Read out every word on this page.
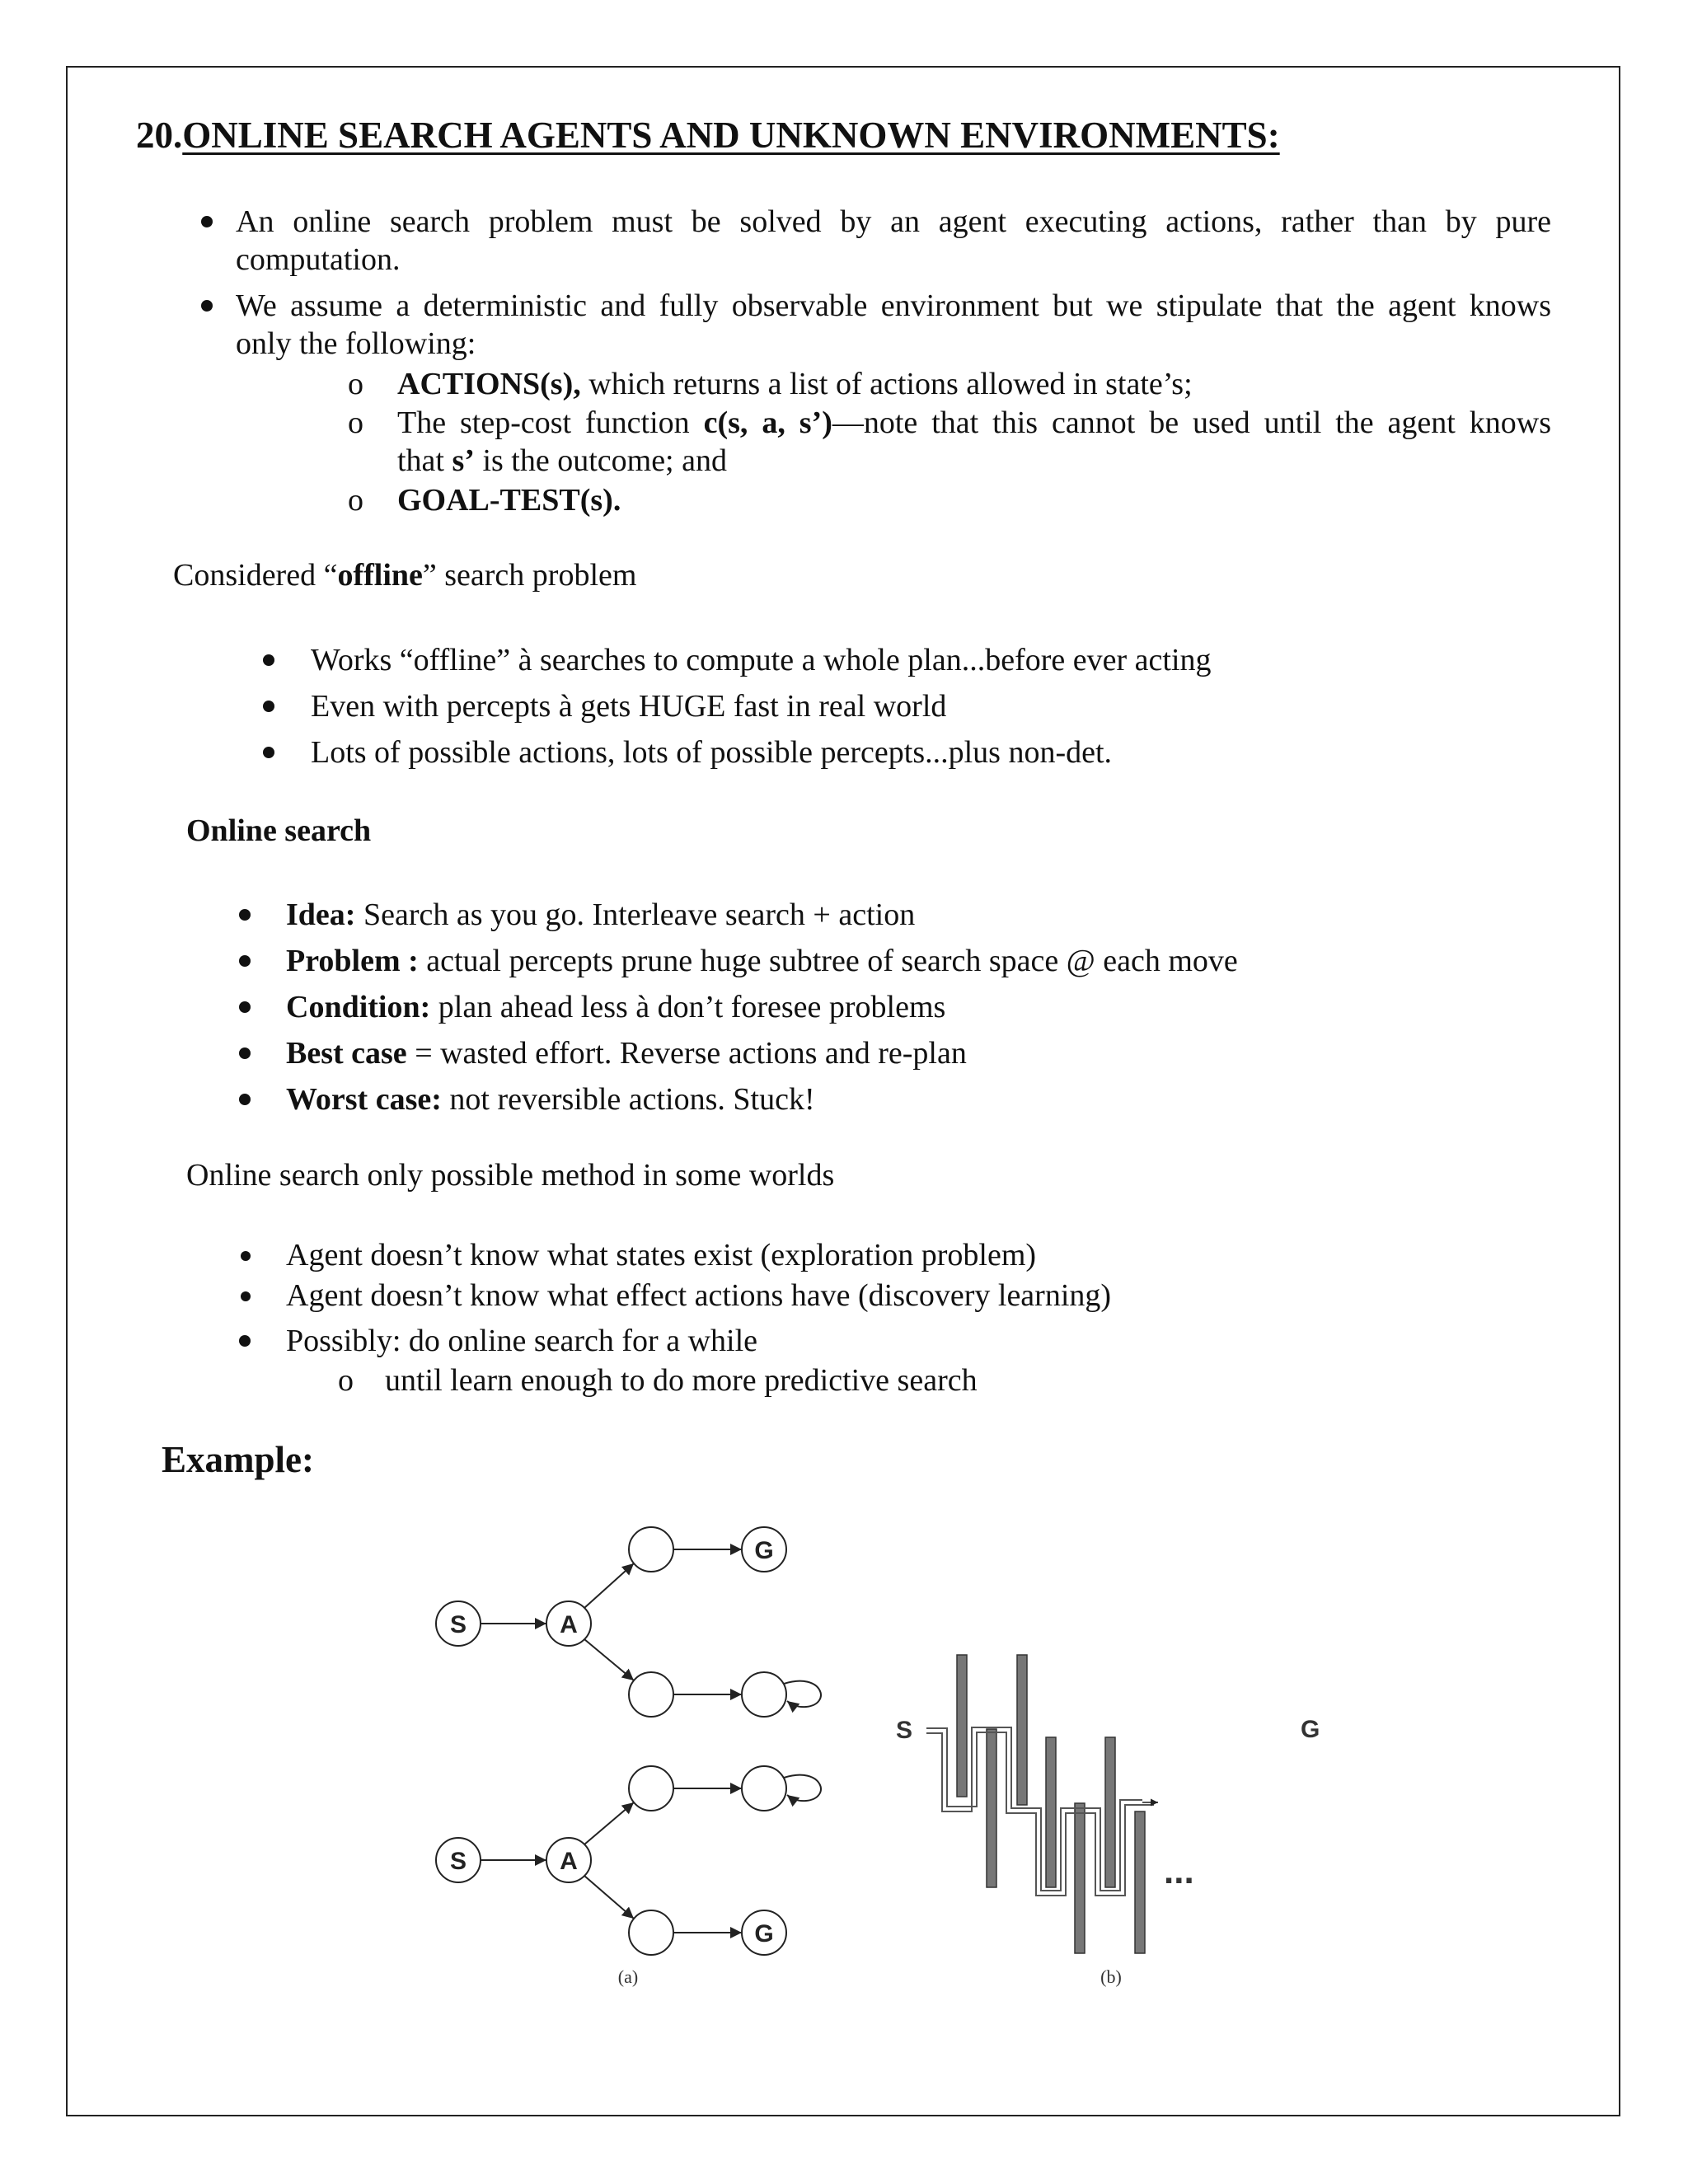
20.ONLINE SEARCH AGENTS AND UNKNOWN ENVIRONMENTS:
An online search problem must be solved by an agent executing actions, rather than by pure
computation.
We assume a deterministic and fully observable environment but we stipulate that the agent knows
only the following:
o ACTIONS(s), which returns a list of actions allowed in state’s;
o The step-cost function c(s, a, s’)—note that this cannot be used until the agent knows
that s’ is the outcome; and
o GOAL-TEST(s).
Considered “offline” search problem
Works “offline” à searches to compute a whole plan...before ever acting
Even with percepts à gets HUGE fast in real world
Lots of possible actions, lots of possible percepts...plus non-det.
Online search
Idea: Search as you go. Interleave search + action
Problem : actual percepts prune huge subtree of search space @ each move
Condition: plan ahead less à don’t foresee problems
Best case = wasted effort. Reverse actions and re-plan
Worst case: not reversible actions. Stuck!
Online search only possible method in some worlds
Agent doesn’t know what states exist (exploration problem)
Agent doesn’t know what effect actions have (discovery learning)
Possibly: do online search for a while
o until learn enough to do more predictive search
Example:
S	A
G
S	A
G
(a)
S	G
...
(b)
